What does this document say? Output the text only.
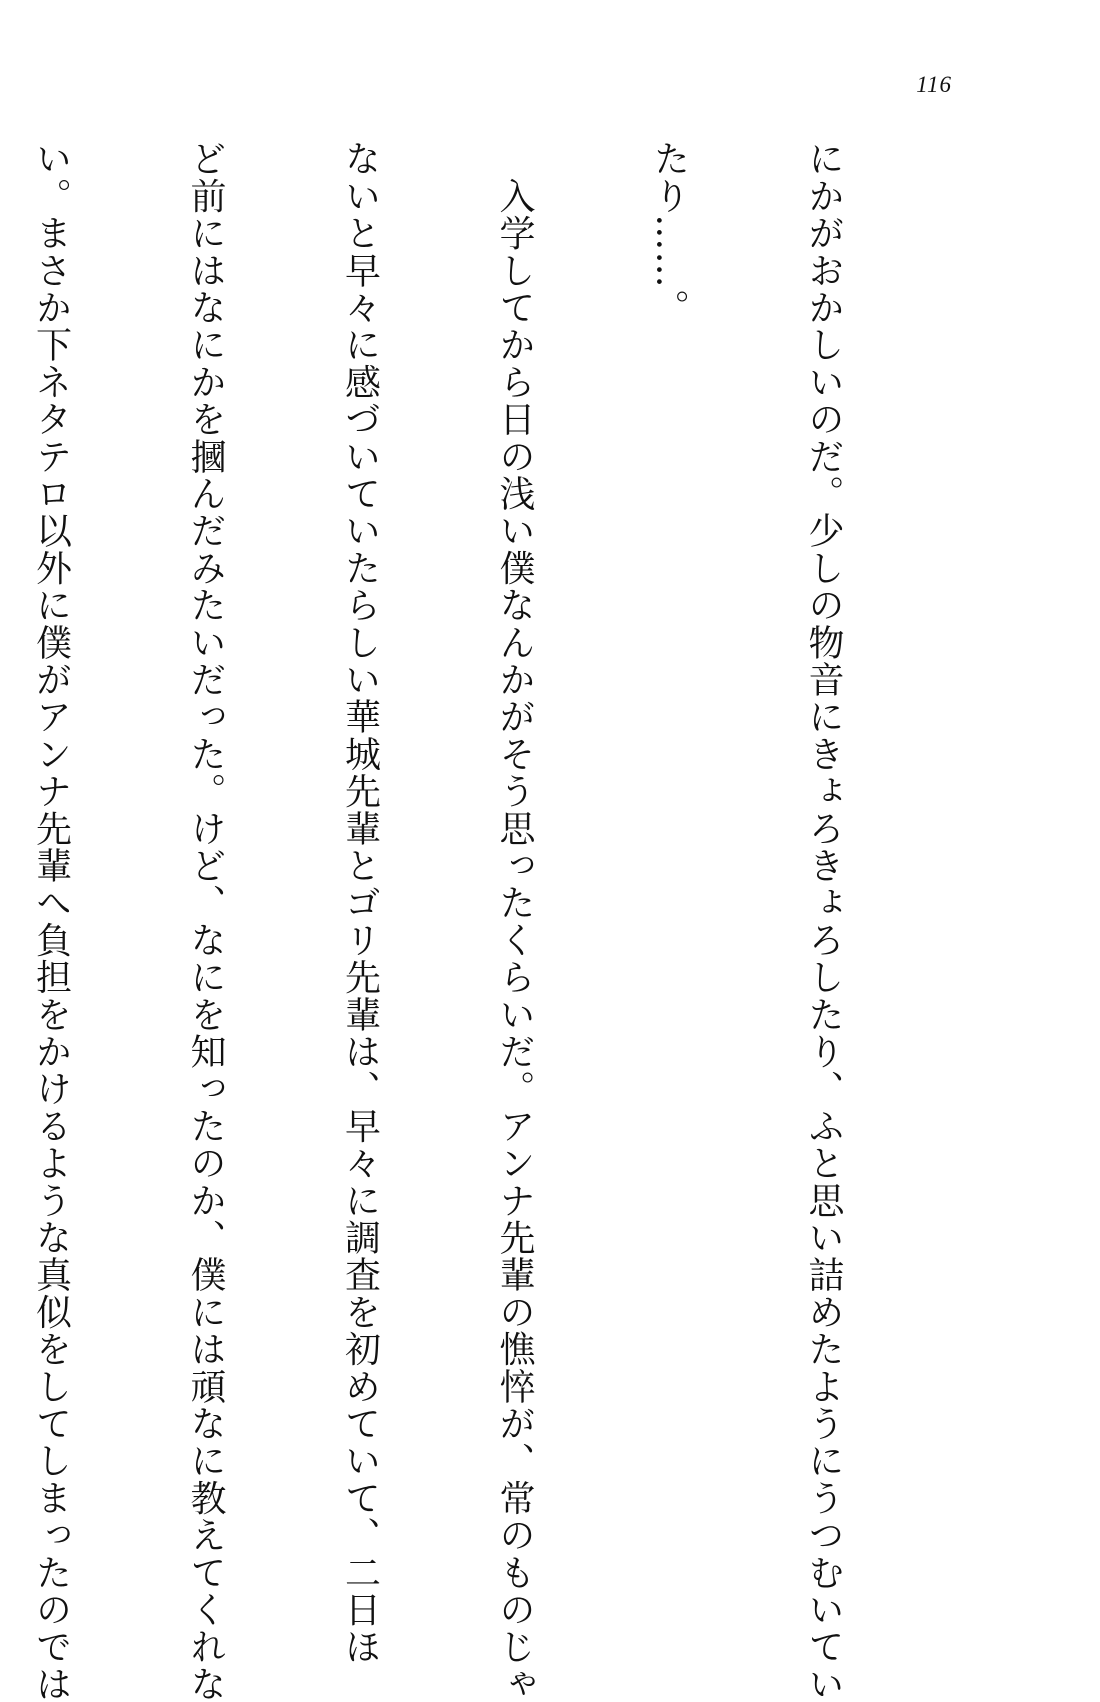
116

にかがおかしいのだ。少しの物音にきょろきょろしたり、ふと思い詰めたようにうつむいてい

たり……。

　入学してから日の浅い僕なんかがそう思ったくらいだ。アンナ先輩の憔悴が、常のものじゃ

ないと早々に感づいていたらしい華城先輩とゴリ先輩は、早々に調査を初めていて、二日ほ

ど前にはなにかを摑んだみたいだった。けど、なにを知ったのか、僕には頑なに教えてくれな

い。まさか下ネタテロ以外に僕がアンナ先輩へ負担をかけるような真似をしてしまったのでは
